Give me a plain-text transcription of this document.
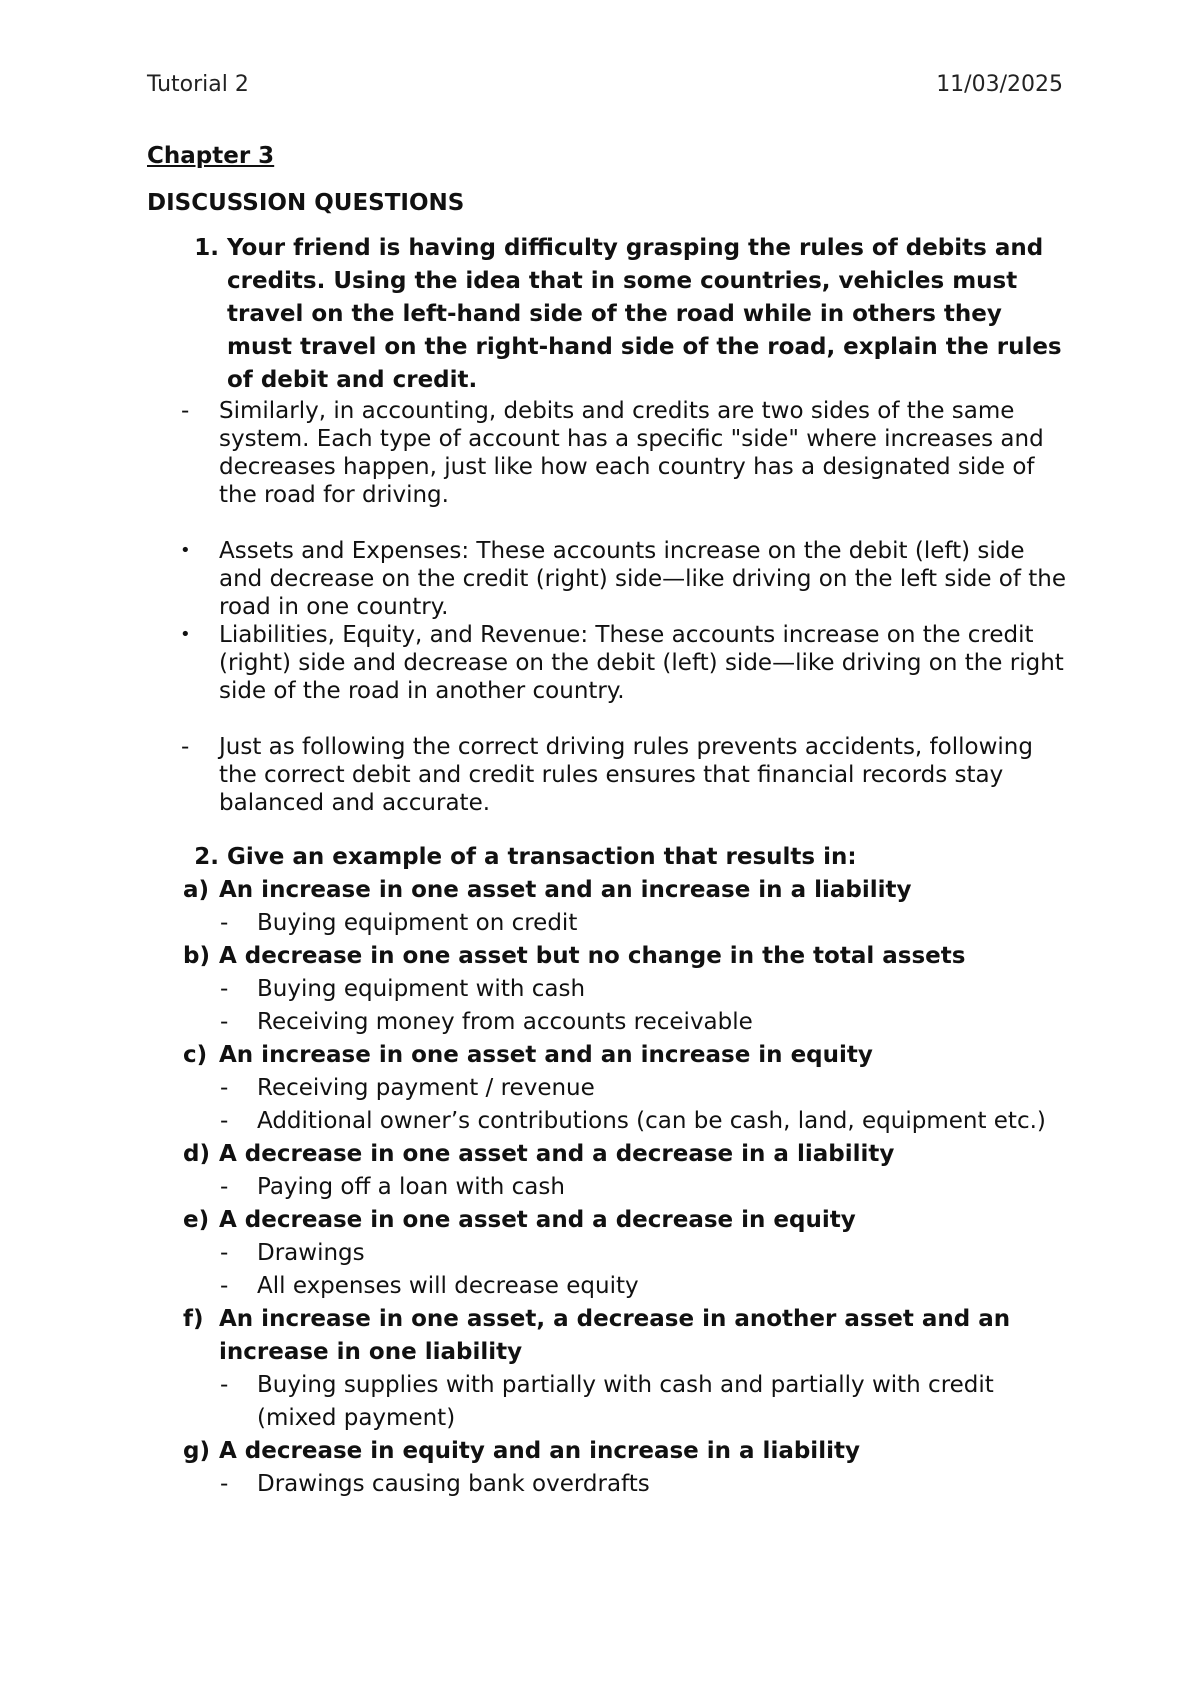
Tutorial 2	11/03/2025
Chapter 3
DISCUSSION QUESTIONS
1. Your friend is having difficulty grasping the rules of debits and credits. Using the idea that in some countries, vehicles must travel on the left-hand side of the road while in others they must travel on the right-hand side of the road, explain the rules of debit and credit.
-	Similarly, in accounting, debits and credits are two sides of the same system. Each type of account has a specific "side" where increases and decreases happen, just like how each country has a designated side of the road for driving.
•	Assets and Expenses: These accounts increase on the debit (left) side and decrease on the credit (right) side—like driving on the left side of the road in one country.
•	Liabilities, Equity, and Revenue: These accounts increase on the credit (right) side and decrease on the debit (left) side—like driving on the right side of the road in another country.
-	Just as following the correct driving rules prevents accidents, following the correct debit and credit rules ensures that financial records stay balanced and accurate.
2. Give an example of a transaction that results in:
a) An increase in one asset and an increase in a liability
-	Buying equipment on credit
b) A decrease in one asset but no change in the total assets
-	Buying equipment with cash
-	Receiving money from accounts receivable
c) An increase in one asset and an increase in equity
-	Receiving payment / revenue
-	Additional owner’s contributions (can be cash, land, equipment etc.)
d) A decrease in one asset and a decrease in a liability
-	Paying off a loan with cash
e) A decrease in one asset and a decrease in equity
-	Drawings
-	All expenses will decrease equity
f) An increase in one asset, a decrease in another asset and an increase in one liability
-	Buying supplies with partially with cash and partially with credit (mixed payment)
g) A decrease in equity and an increase in a liability
-	Drawings causing bank overdrafts
